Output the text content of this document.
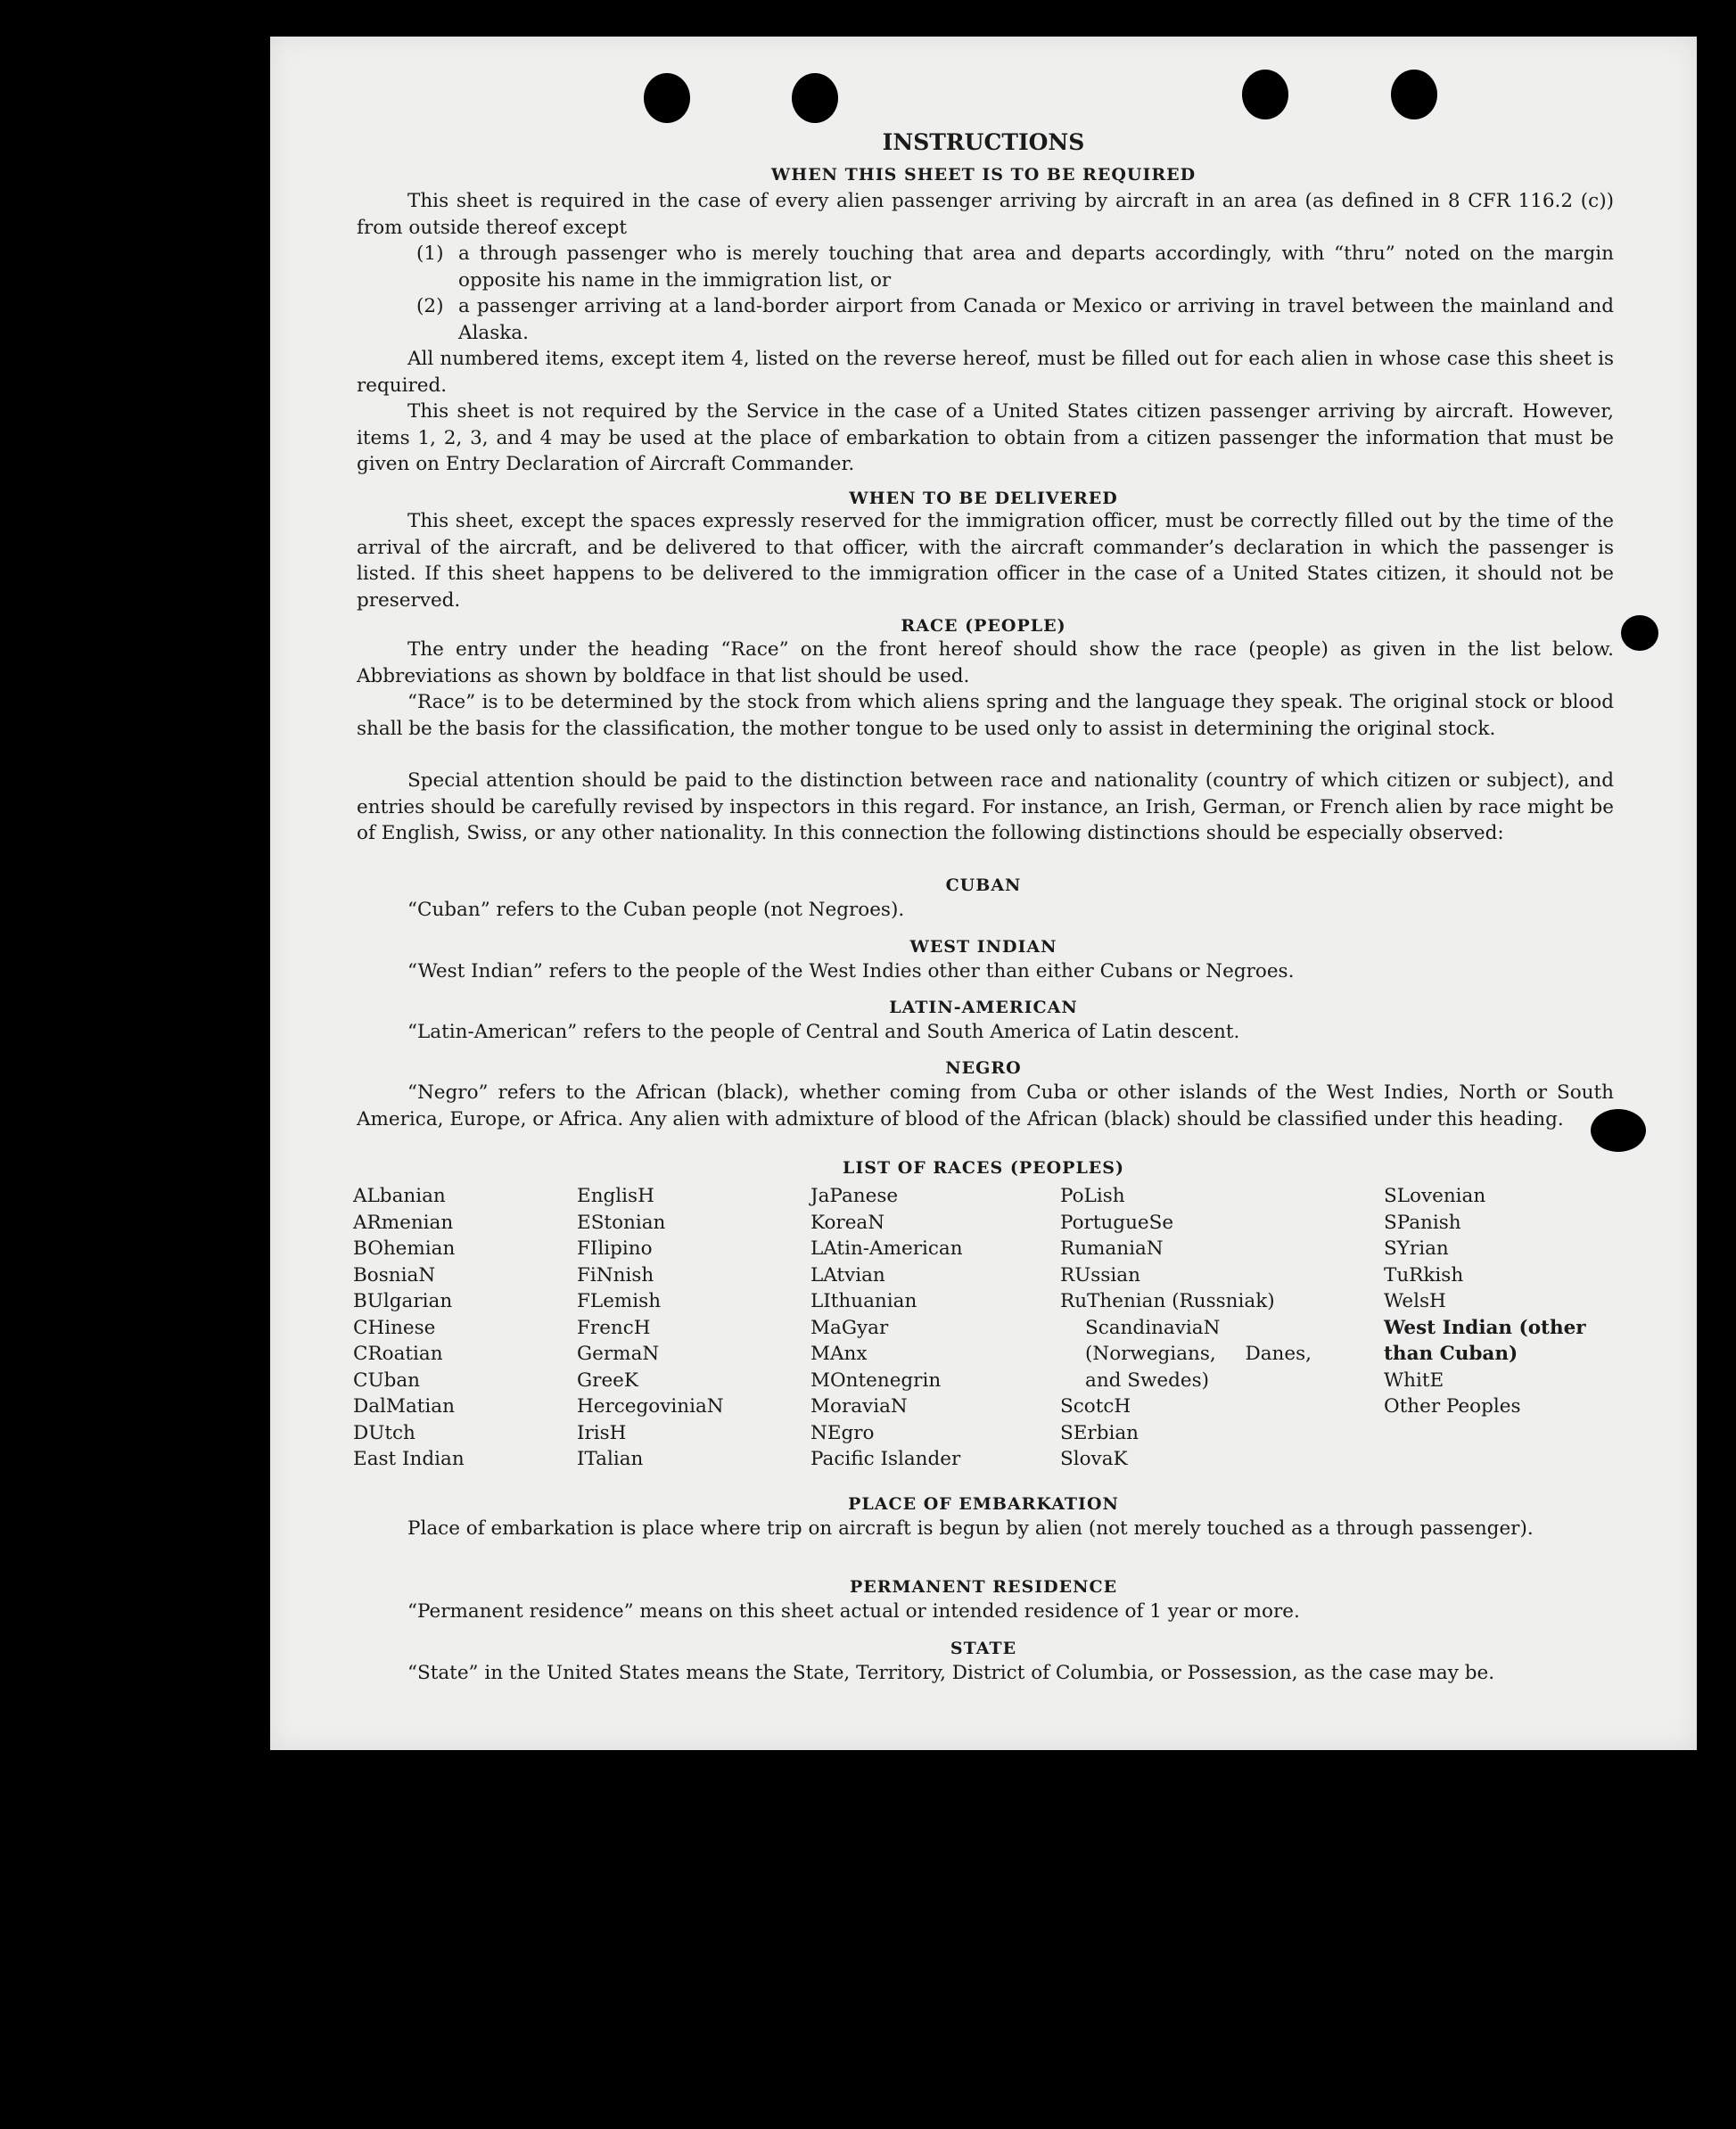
INSTRUCTIONS
WHEN THIS SHEET IS TO BE REQUIRED
This sheet is required in the case of every alien passenger arriving by aircraft in an area (as defined in 8 CFR 116.2 (c)) from outside thereof except
(1) a through passenger who is merely touching that area and departs accordingly, with “thru” noted on the margin opposite his name in the immigration list, or
(2) a passenger arriving at a land-border airport from Canada or Mexico or arriving in travel between the mainland and Alaska.
All numbered items, except item 4, listed on the reverse hereof, must be filled out for each alien in whose case this sheet is required.
This sheet is not required by the Service in the case of a United States citizen passenger arriving by aircraft. However, items 1, 2, 3, and 4 may be used at the place of embarkation to obtain from a citizen passenger the information that must be given on Entry Declaration of Aircraft Commander.
WHEN TO BE DELIVERED
This sheet, except the spaces expressly reserved for the immigration officer, must be correctly filled out by the time of the arrival of the aircraft, and be delivered to that officer, with the aircraft commander’s declaration in which the passenger is listed. If this sheet happens to be delivered to the immigration officer in the case of a United States citizen, it should not be preserved.
RACE (PEOPLE)
The entry under the heading “Race” on the front hereof should show the race (people) as given in the list below. Abbreviations as shown by boldface in that list should be used.
“Race” is to be determined by the stock from which aliens spring and the language they speak. The original stock or blood shall be the basis for the classification, the mother tongue to be used only to assist in determining the original stock.
Special attention should be paid to the distinction between race and nationality (country of which citizen or subject), and entries should be carefully revised by inspectors in this regard. For instance, an Irish, German, or French alien by race might be of English, Swiss, or any other nationality. In this connection the following distinctions should be especially observed:
CUBAN
“Cuban” refers to the Cuban people (not Negroes).
WEST INDIAN
“West Indian” refers to the people of the West Indies other than either Cubans or Negroes.
LATIN-AMERICAN
“Latin-American” refers to the people of Central and South America of Latin descent.
NEGRO
“Negro” refers to the African (black), whether coming from Cuba or other islands of the West Indies, North or South America, Europe, or Africa. Any alien with admixture of blood of the African (black) should be classified under this heading.
LIST OF RACES (PEOPLES)
ALbanian
ARmenian
BOhemian
BosniaN
BUlgarian
CHinese
CRoatian
CUban
DalMatian
DUtch
East Indian
EnglisH
EStonian
FIlipino
FiNnish
FLemish
FrencH
GermaN
GreeK
HercegoviniaN
IrisH
ITalian
JaPanese
KoreaN
LAtin-American
LAtvian
LIthuanian
MaGyar
MAnx
MOntenegrin
MoraviaN
NEgro
Pacific Islander
PoLish
PortugueSe
RumaniaN
RUssian
RuThenian (Russniak)
ScandinaviaN (Norwegians, Danes, and Swedes)
ScotcH
SErbian
SlovaK
SLovenian
SPanish
SYrian
TuRkish
WelsH
West Indian (other than Cuban)
WhitE
Other Peoples
PLACE OF EMBARKATION
Place of embarkation is place where trip on aircraft is begun by alien (not merely touched as a through passenger).
PERMANENT RESIDENCE
“Permanent residence” means on this sheet actual or intended residence of 1 year or more.
STATE
“State” in the United States means the State, Territory, District of Columbia, or Possession, as the case may be.
